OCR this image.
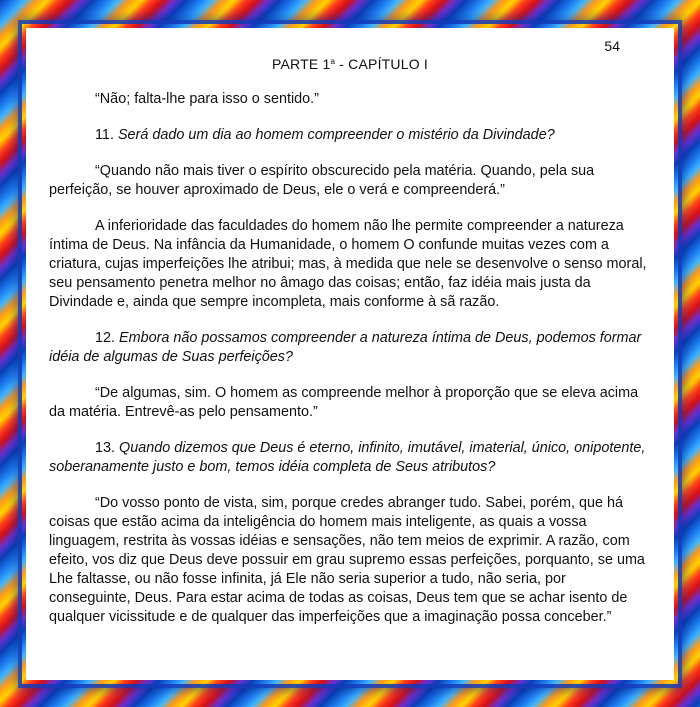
54
PARTE 1$^a$ - CAPÍTULO I

“Não; falta-lhe para isso o sentido.”

11. Será dado um dia ao homem compreender o mistério da Divindade?

“Quando não mais tiver o espírito obscurecido pela matéria. Quando, pela sua perfeição, se houver aproximado de Deus, ele o verá e compreenderá.”

A inferioridade das faculdades do homem não lhe permite compreender a natureza íntima de Deus. Na infância da Humanidade, o homem O confunde muitas vezes com a criatura, cujas imperfeições lhe atribui; mas, à medida que nele se desenvolve o senso moral, seu pensamento penetra melhor no âmago das coisas; então, faz idéia mais justa da Divindade e, ainda que sempre incompleta, mais conforme à sã razão.

12. Embora não possamos compreender a natureza íntima de Deus, podemos formar idéia de algumas de Suas perfeições?

“De algumas, sim. O homem as compreende melhor à proporção que se eleva acima da matéria. Entrevê-as pelo pensamento.”

13. Quando dizemos que Deus é eterno, infinito, imutável, imaterial, único, onipotente, soberanamente justo e bom, temos idéia completa de Seus atributos?

“Do vosso ponto de vista, sim, porque credes abranger tudo. Sabei, porém, que há coisas que estão acima da inteligência do homem mais inteligente, as quais a vossa linguagem, restrita às vossas idéias e sensações, não tem meios de exprimir. A razão, com efeito, vos diz que Deus deve possuir em grau supremo essas perfeições, porquanto, se uma Lhe faltasse, ou não fosse infinita, já Ele não seria superior a tudo, não seria, por conseguinte, Deus. Para estar acima de todas as coisas, Deus tem que se achar isento de qualquer vicissitude e de qualquer das imperfeições que a imaginação possa conceber.”
